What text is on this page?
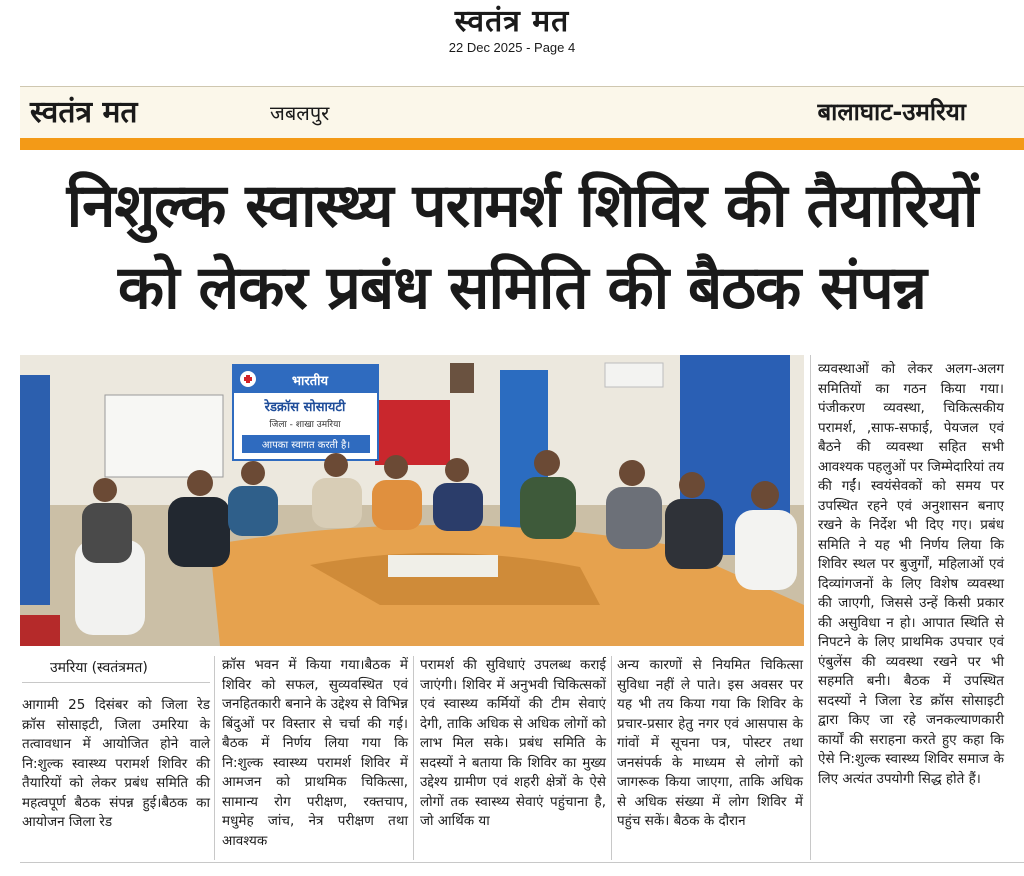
स्वतंत्र मत
22 Dec 2025 - Page 4
स्वतंत्र मत	जबलपुर	बालाघाट-उमरिया
निशुल्क स्वास्थ्य परामर्श शिविर की तैयारियों
को लेकर प्रबंध समिति की बैठक संपन्न
भारतीय
रेडक्रॉस सोसायटी
जिला - शाखा उमरिया
आपका स्वागत करती है।
उमरिया (स्वतंत्रमत)
आगामी 25 दिसंबर को जिला रेड क्रॉस सोसाइटी, जिला उमरिया के तत्वावधान में आयोजित होने वाले नि:शुल्क स्वास्थ्य परामर्श शिविर की तैयारियों को लेकर प्रबंध समिति की महत्वपूर्ण बैठक संपन्न हुई।बैठक का आयोजन जिला रेड
क्रॉस भवन में किया गया।बैठक में शिविर को सफल, सुव्यवस्थित एवं जनहितकारी बनाने के उद्देश्य से विभिन्न बिंदुओं पर विस्तार से चर्चा की गई। बैठक में निर्णय लिया गया कि नि:शुल्क स्वास्थ्य परामर्श शिविर में आमजन को प्राथमिक चिकित्सा, सामान्य रोग परीक्षण, रक्तचाप, मधुमेह जांच, नेत्र परीक्षण तथा आवश्यक
परामर्श की सुविधाएं उपलब्ध कराई जाएंगी। शिविर में अनुभवी चिकित्सकों एवं स्वास्थ्य कर्मियों की टीम सेवाएं देगी, ताकि अधिक से अधिक लोगों को लाभ मिल सके। प्रबंध समिति के सदस्यों ने बताया कि शिविर का मुख्य उद्देश्य ग्रामीण एवं शहरी क्षेत्रों के ऐसे लोगों तक स्वास्थ्य सेवाएं पहुंचाना है, जो आर्थिक या
अन्य कारणों से नियमित चिकित्सा सुविधा नहीं ले पाते। इस अवसर पर यह भी तय किया गया कि शिविर के प्रचार-प्रसार हेतु नगर एवं आसपास के गांवों में सूचना पत्र, पोस्टर तथा जनसंपर्क के माध्यम से लोगों को जागरूक किया जाएगा, ताकि अधिक से अधिक संख्या में लोग शिविर में पहुंच सकें। बैठक के दौरान
व्यवस्थाओं को लेकर अलग-अलग समितियों का गठन किया गया। पंजीकरण व्यवस्था, चिकित्सकीय परामर्श, ,साफ-सफाई, पेयजल एवं बैठने की व्यवस्था सहित सभी आवश्यक पहलुओं पर जिम्मेदारियां तय की गईं। स्वयंसेवकों को समय पर उपस्थित रहने एवं अनुशासन बनाए रखने के निर्देश भी दिए गए। प्रबंध समिति ने यह भी निर्णय लिया कि शिविर स्थल पर बुजुर्गों, महिलाओं एवं दिव्यांगजनों के लिए विशेष व्यवस्था की जाएगी, जिससे उन्हें किसी प्रकार की असुविधा न हो। आपात स्थिति से निपटने के लिए प्राथमिक उपचार एवं एंबुलेंस की व्यवस्था रखने पर भी सहमति बनी। बैठक में उपस्थित सदस्यों ने जिला रेड क्रॉस सोसाइटी द्वारा किए जा रहे जनकल्याणकारी कार्यों की सराहना करते हुए कहा कि ऐसे नि:शुल्क स्वास्थ्य शिविर समाज के लिए अत्यंत उपयोगी सिद्ध होते हैं।
